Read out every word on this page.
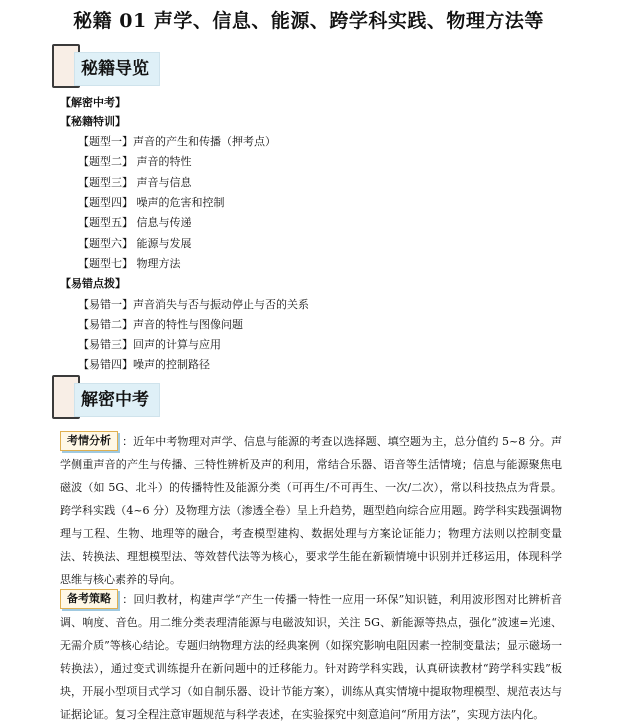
秘籍 01 声学、信息、能源、跨学科实践、物理方法等
秘籍导览
【解密中考】
【秘籍特训】
【题型一】声音的产生和传播（押考点）
【题型二】 声音的特性
【题型三】 声音与信息
【题型四】 噪声的危害和控制
【题型五】 信息与传递
【题型六】 能源与发展
【题型七】 物理方法
【易错点拨】
【易错一】声音消失与否与振动停止与否的关系
【易错二】声音的特性与图像问题
【易错三】回声的计算与应用
【易错四】噪声的控制路径
解密中考
考情分析 ：近年中考物理对声学、信息与能源的考查以选择题、填空题为主，总分值约 5~8 分。声学侧重声音的产生与传播、三特性辨析及声的利用，常结合乐器、语音等生活情境；信息与能源聚焦电磁波（如 5G、北斗）的传播特性及能源分类（可再生/不可再生、一次/二次），常以科技热点为背景。跨学科实践（4~6 分）及物理方法（渗透全卷）呈上升趋势，题型趋向综合应用题。跨学科实践强调物理与工程、生物、地理等的融合，考查模型建构、数据处理与方案论证能力；物理方法则以控制变量法、转换法、理想模型法、等效替代法等为核心，要求学生能在新颖情境中识别并迁移运用，体现科学思维与核心素养的导向。
备考策略 ：回归教材，构建声学“产生一传播一特性一应用一环保”知识链，利用波形图对比辨析音调、响度、音色。用二维分类表理清能源与电磁波知识，关注 5G、新能源等热点，强化“波速=光速、无需介质”等核心结论。专题归纳物理方法的经典案例（如探究影响电阻因素一控制变量法；显示磁场一转换法），通过变式训练提升在新问题中的迁移能力。针对跨学科实践，认真研读教材“跨学科实践”板块，开展小型项目式学习（如自制乐器、设计节能方案），训练从真实情境中提取物理模型、规范表达与证据论证。复习全程注意审题规范与科学表述，在实验探究中刻意追问“所用方法”，实现方法内化。
